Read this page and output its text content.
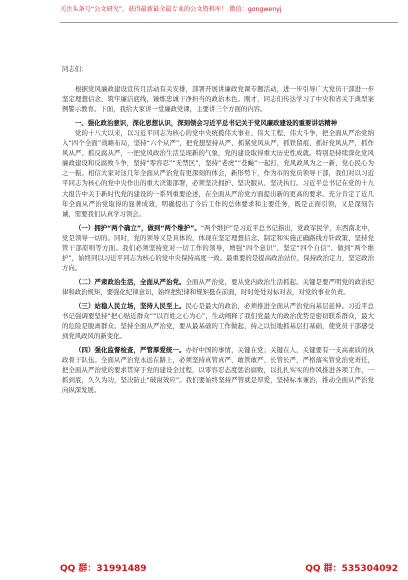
关注头条号“公文研究”，获得最新最全最专业的公文资料库！ 微信：gongwenyj

同志们：

根据党风廉政建设宣传月活动有关安排，部署开展讲廉政党课专题活动，进一步引导广大党员干部进一步坚定理想信念，筑牢廉洁底线，锤炼忠诚干净担当的政治本色。刚才，同志们传达学习了中央和省关于典型案例警示教育。下面，我给大家讲一堂廉政党课，主要讲三个方面的内容。

一、强化政治意识，深化思想认识，深刻领会习近平总书记关于党风廉政建设的重要讲话精神

党的十八大以来，以习近平同志为核心的党中央统揽伟大事业、伟大工程、伟大斗争，把全面从严治党纳入“四个全面”战略布局，坚持“六个从严”，把党想坚持从严、抓紧党风从严，抓铁留痕、抓好党风从严，抓作风从严、抓反腐从严，一把党风政治生活呈现新的气象，党的建设取得重大历史性成就。特别是持续深化党风廉政建设和反腐败斗争，坚持“零容忍”“无禁区”，坚持“老虎”“苍蝇”一起打，党风政风为之一新，党心民心为之一振。相信大家对这几年全面从严治党有更深刻的体会，新形势下，作为市的党员领导干部，我们对以习近平同志为核心的党中央作出的重大决策部署，必须坚决拥护、坚决服从、坚决执行。习近平总书记在党的十九大报告中关于新时代党的建设的一系列重要论述，在全面从严治党方面提出新的更高的要求。充分肯定了近几年全面从严治党取得的显著成效，明确提出了今后工作的总体要求和主要任务，既是正面引领，又是深刻告诫，需要我们认真学习领会。

（一）拥护“两个确立”，做到“两个维护”。“两个维护”是习近平总书记指出，党政军民学，东西南北中，党是领导一切的。同时，党的领导又是具体的，体现在坚定理想信念、制定和实施正确路线方针政策、坚持党管干部原则等方面。我们必须坚持党对一切工作的领导，增强“四个意识”、坚定“四个自信”、做到“两个维护”，始终同以习近平同志为核心的党中央保持高度一致。最重要的是提高政治站位，保持政治定力，坚定政治方向。

（二）严肃政治生活，全面从严治党。全面从严治党，要从党内政治生活抓起。关键是要严明党的政治纪律和政治规矩，要强化纪律意识，始终把纪律和规矩挺在前面，时时处处对标对表，对党的事业负责。

（三）站稳人民立场，坚持人民至上。民心是最大的政治，必须推进全面从严治党向基层延伸。习近平总书记强调要坚持“把心贴近群众”“以百姓之心为心”，生动阐释了我们党最大的政治优势是密切联系群众，最大的危险是脱离群众。坚持全面从严治党，要从最基础的工作做起，持之以恒地抓基层打基础，使党员干部感受到党风政风的新变化。

（四）强化监督检查，严管厚爱统一。办好中国的事情，关键在党；关键在人，关键要有一支高素质的执政骨干队伍。全面从严治党永远在路上，必须坚持真管真严、敢管敢严、长管长严，严格落实管党治党责任，把全面从严治党的要求贯穿于党的建设全过程，以零容忍态度惩治腐败，以扎扎实实的作风推进各项工作，一抓到底，久久为功，坚决防止“破窗效应”。我们要始终坚持严管就是厚爱，坚持标本兼治，推动全面从严治党向纵深发展。

QQ 群：31991489	QQ 群：535304092
